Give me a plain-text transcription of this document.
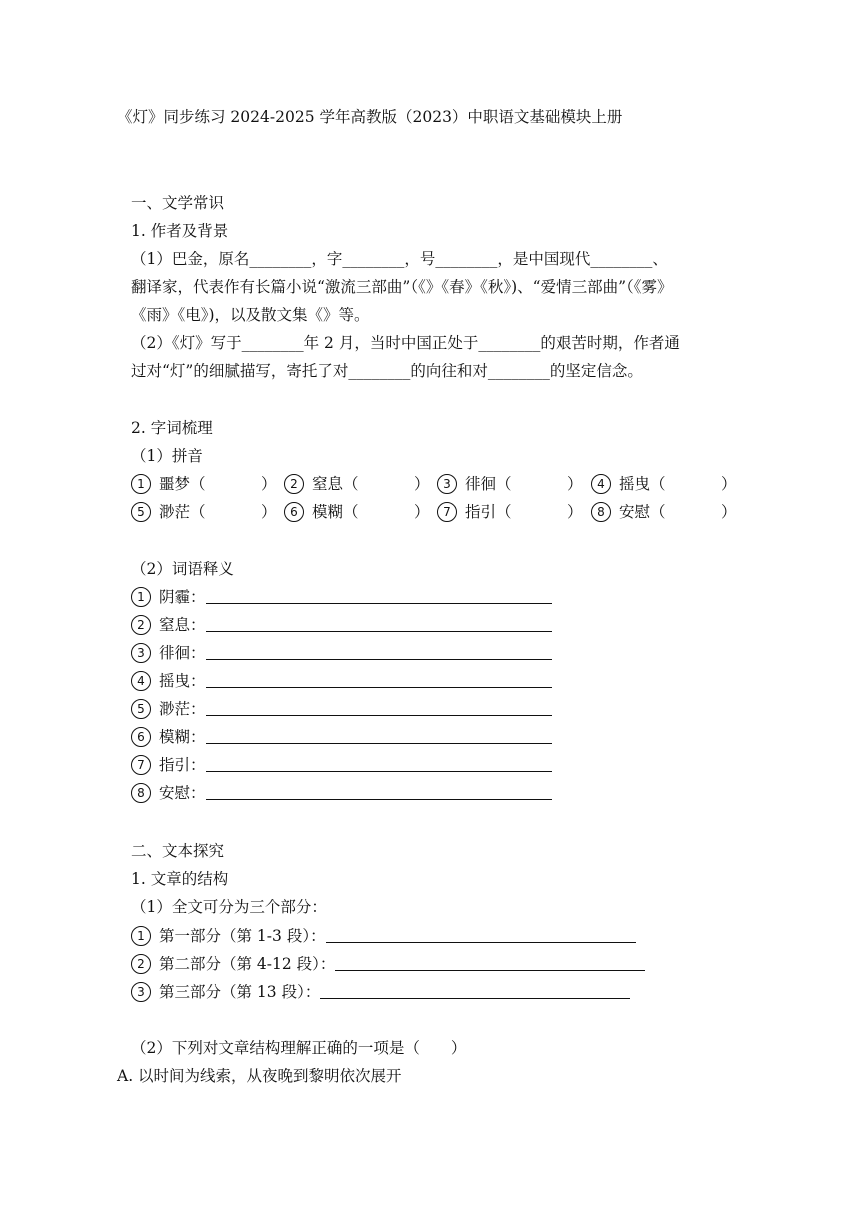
《灯》同步练习 2024-2025 学年高教版（2023）中职语文基础模块上册
一、文学常识
1. 作者及背景
（1）巴金，原名________，字________，号________，是中国现代________、
翻译家，代表作有长篇小说“激流三部曲”（《》《春》《秋》)、“爱情三部曲”（《雾》
《雨》《电》)，以及散文集《》等。
（2）《灯》写于________年 2 月，当时中国正处于________的艰苦时期，作者通
过对“灯”的细腻描写，寄托了对________的向往和对________的坚定信念。
2. 字词梳理
（1）拼音
1 噩梦（	）	2 窒息（	）	3 徘徊（	）	4 摇曳（	）
5 渺茫（	）	6 模糊（	）	7 指引（	）	8 安慰（	）
（2）词语释义
1 阴霾：
2 窒息：
3 徘徊：
4 摇曳：
5 渺茫：
6 模糊：
7 指引：
8 安慰：
二、文本探究
1. 文章的结构
（1）全文可分为三个部分：
1 第一部分（第 1-3 段）：
2 第二部分（第 4-12 段）：
3 第三部分（第 13 段）：
（2）下列对文章结构理解正确的一项是（　　）
A. 以时间为线索，从夜晚到黎明依次展开
